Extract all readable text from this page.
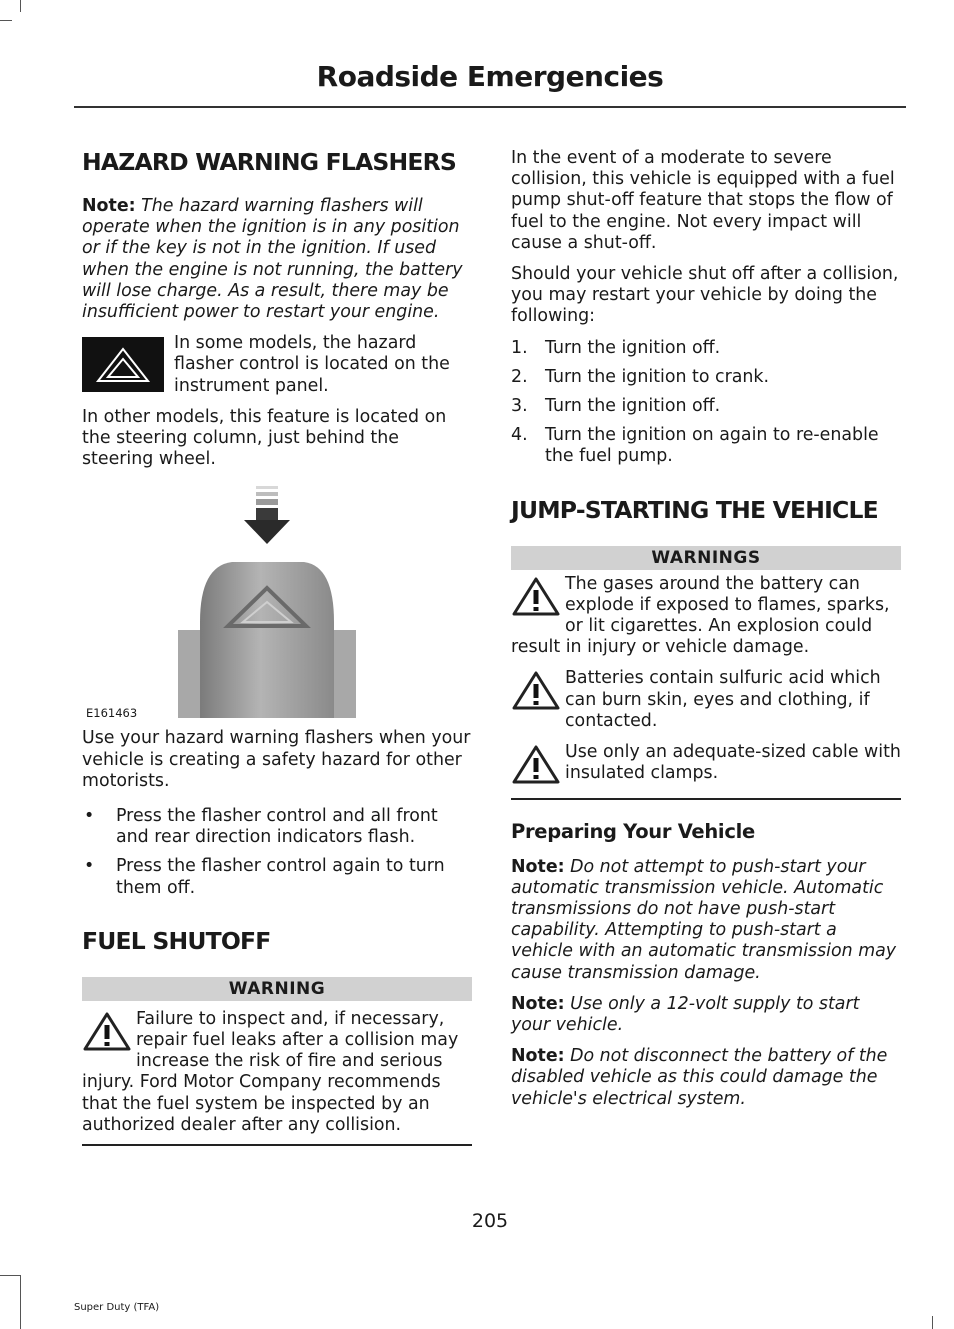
Roadside Emergencies
HAZARD WARNING FLASHERS

Note: The hazard warning flashers will operate when the ignition is in any position or if the key is not in the ignition. If used when the engine is not running, the battery will lose charge. As a result, there may be insufficient power to restart your engine.

In some models, the hazard flasher control is located on the instrument panel.

In other models, this feature is located on the steering column, just behind the steering wheel.

E161463

Use your hazard warning flashers when your vehicle is creating a safety hazard for other motorists.

• Press the flasher control and all front and rear direction indicators flash.
• Press the flasher control again to turn them off.
FUEL SHUTOFF
WARNING
Failure to inspect and, if necessary, repair fuel leaks after a collision may increase the risk of fire and serious injury. Ford Motor Company recommends that the fuel system be inspected by an authorized dealer after any collision.

In the event of a moderate to severe collision, this vehicle is equipped with a fuel pump shut-off feature that stops the flow of fuel to the engine. Not every impact will cause a shut-off.

Should your vehicle shut off after a collision, you may restart your vehicle by doing the following:

1. Turn the ignition off.
2. Turn the ignition to crank.
3. Turn the ignition off.
4. Turn the ignition on again to re-enable the fuel pump.
JUMP-STARTING THE VEHICLE
WARNINGS
The gases around the battery can explode if exposed to flames, sparks, or lit cigarettes. An explosion could result in injury or vehicle damage.
Batteries contain sulfuric acid which can burn skin, eyes and clothing, if contacted.
Use only an adequate-sized cable with insulated clamps.
Preparing Your Vehicle

Note: Do not attempt to push-start your automatic transmission vehicle. Automatic transmissions do not have push-start capability. Attempting to push-start a vehicle with an automatic transmission may cause transmission damage.

Note: Use only a 12-volt supply to start your vehicle.

Note: Do not disconnect the battery of the disabled vehicle as this could damage the vehicle's electrical system.

205
Super Duty (TFA)
